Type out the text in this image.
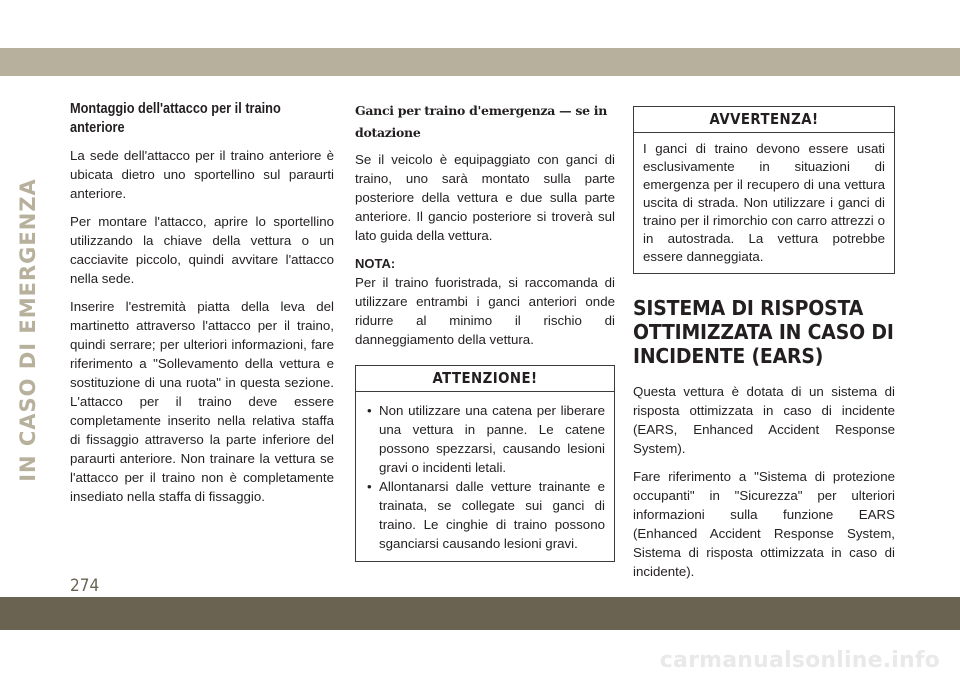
IN CASO DI EMERGENZA
Montaggio dell'attacco per il traino anteriore

La sede dell'attacco per il traino anteriore è ubicata dietro uno sportellino sul paraurti anteriore.

Per montare l'attacco, aprire lo sportellino utilizzando la chiave della vettura o un cacciavite piccolo, quindi avvitare l'attacco nella sede.

Inserire l'estremità piatta della leva del martinetto attraverso l'attacco per il traino, quindi serrare; per ulteriori informazioni, fare riferimento a "Sollevamento della vettura e sostituzione di una ruota" in questa sezione. L'attacco per il traino deve essere completamente inserito nella relativa staffa di fissaggio attraverso la parte inferiore del paraurti anteriore. Non trainare la vettura se l'attacco per il traino non è completamente insediato nella staffa di fissaggio.

Ganci per traino d'emergenza — se in dotazione

Se il veicolo è equipaggiato con ganci di traino, uno sarà montato sulla parte posteriore della vettura e due sulla parte anteriore. Il gancio posteriore si troverà sul lato guida della vettura.

NOTA:

Per il traino fuoristrada, si raccomanda di utilizzare entrambi i ganci anteriori onde ridurre al minimo il rischio di danneggiamento della vettura.

ATTENZIONE!
• Non utilizzare una catena per liberare una vettura in panne. Le catene possono spezzarsi, causando lesioni gravi o incidenti letali.
• Allontanarsi dalle vetture trainante e trainata, se collegate sui ganci di traino. Le cinghie di traino possono sganciarsi causando lesioni gravi.
AVVERTENZA!

I ganci di traino devono essere usati esclusivamente in situazioni di emergenza per il recupero di una vettura uscita di strada. Non utilizzare i ganci di traino per il rimorchio con carro attrezzi o in autostrada. La vettura potrebbe essere danneggiata.

SISTEMA DI RISPOSTA OTTIMIZZATA IN CASO DI INCIDENTE (EARS)

Questa vettura è dotata di un sistema di risposta ottimizzata in caso di incidente (EARS, Enhanced Accident Response System).

Fare riferimento a "Sistema di protezione occupanti" in "Sicurezza" per ulteriori informazioni sulla funzione EARS (Enhanced Accident Response System, Sistema di risposta ottimizzata in caso di incidente).

274
carmanualsonline.info
